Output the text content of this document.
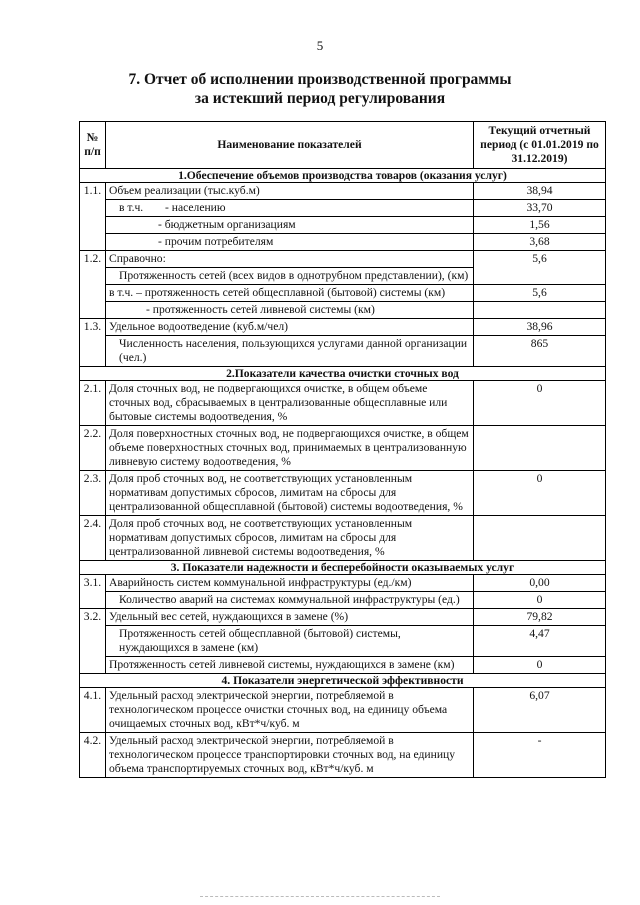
5
7. Отчет об исполнении производственной программы
за истекший период регулирования
№ п/п	Наименование показателей	Текущий отчетный период (с 01.01.2019 по 31.12.2019)
1.Обеспечение объемов производства товаров (оказания услуг)		
1.1.	Объем реализации (тыс.куб.м)	38,94
	в т.ч. - населению	33,70
	- бюджетным организациям	1,56
	- прочим потребителям	3,68
1.2.	Справочно:	5,6
	Протяженность сетей (всех видов в однотрубном представлении), (км)	
	в т.ч. – протяженность сетей общесплавной (бытовой) системы (км)	5,6
	- протяженность сетей ливневой системы (км)	
1.3.	Удельное водоотведение (куб.м/чел)	38,96
	Численность населения, пользующихся услугами данной организации (чел.)	865
2.Показатели качества очистки сточных вод		
2.1.	Доля сточных вод, не подвергающихся очистке, в общем объеме сточных вод, сбрасываемых в централизованные общесплавные или бытовые системы водоотведения, %	0
2.2.	Доля поверхностных сточных вод, не подвергающихся очистке, в общем объеме поверхностных сточных вод, принимаемых в централизованную ливневую систему водоотведения, %	
2.3.	Доля проб сточных вод, не соответствующих установленным нормативам допустимых сбросов, лимитам на сбросы для централизованной общесплавной (бытовой) системы водоотведения, %	0
2.4.	Доля проб сточных вод, не соответствующих установленным нормативам допустимых сбросов, лимитам на сбросы для централизованной ливневой системы водоотведения, %	
3. Показатели надежности и бесперебойности оказываемых услуг		
3.1.	Аварийность систем коммунальной инфраструктуры (ед./км)	0,00
	Количество аварий на системах коммунальной инфраструктуры (ед.)	0
3.2.	Удельный вес сетей, нуждающихся в замене (%)	79,82
	Протяженность сетей общесплавной (бытовой) системы, нуждающихся в замене (км)	4,47
	Протяженность сетей ливневой системы, нуждающихся в замене (км)	0
4. Показатели энергетической эффективности		
4.1.	Удельный расход электрической энергии, потребляемой в технологическом процессе очистки сточных вод, на единицу объема очищаемых сточных вод, кВт*ч/куб. м	6,07
4.2.	Удельный расход электрической энергии, потребляемой в технологическом процессе транспортировки сточных вод, на единицу объема транспортируемых сточных вод, кВт*ч/куб. м	-
